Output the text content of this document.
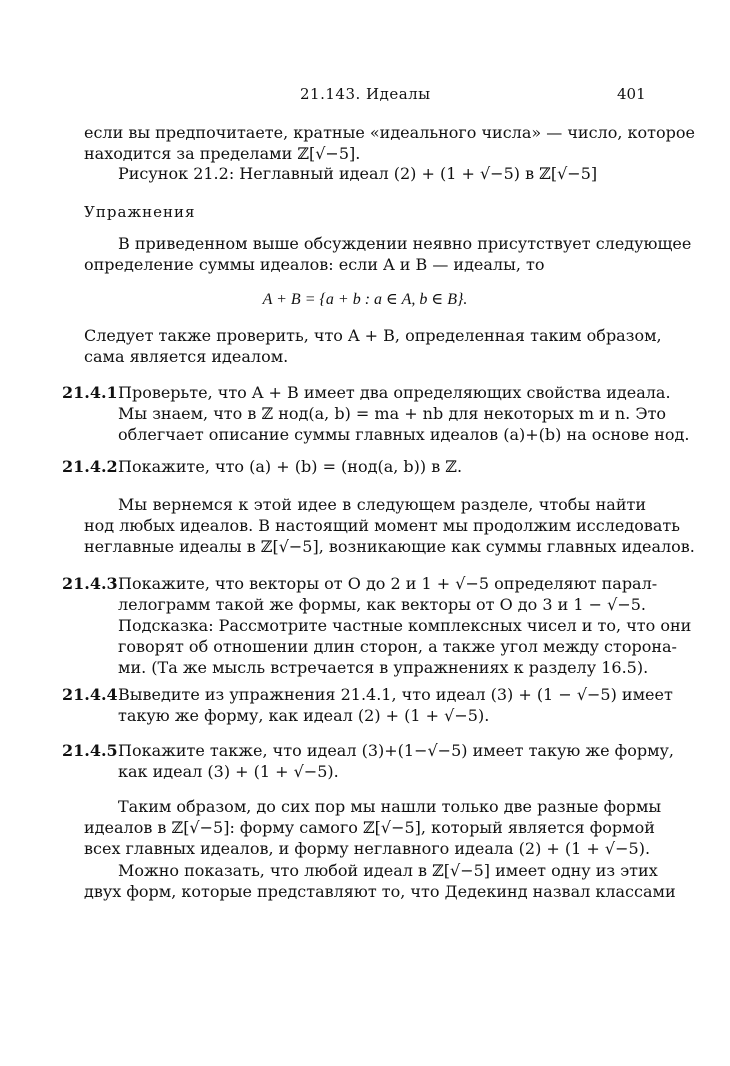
21.143. Идеалы	401
если вы предпочитаете, кратные «идеального числа» — число, которое
находится за пределами ℤ[√−5].
Рисунок 21.2: Неглавный идеал (2) + (1 + √−5) в ℤ[√−5]
Упражнения
В приведенном выше обсуждении неявно присутствует следующее
определение суммы идеалов: если A и B — идеалы, то
A + B = {a + b : a ∈ A, b ∈ B}.
Следует также проверить, что A + B, определенная таким образом,
сама является идеалом.
21.4.1 Проверьте, что A + B имеет два определяющих свойства идеала.
Мы знаем, что в ℤ нод(a, b) = ma + nb для некоторых m и n. Это
облегчает описание суммы главных идеалов (a)+(b) на основе нод.
21.4.2 Покажите, что (a) + (b) = (нод(a, b)) в ℤ.
Мы вернемся к этой идее в следующем разделе, чтобы найти
нод любых идеалов. В настоящий момент мы продолжим исследовать
неглавные идеалы в ℤ[√−5], возникающие как суммы главных идеалов.
21.4.3 Покажите, что векторы от O до 2 и 1 + √−5 определяют парал-
лелограмм такой же формы, как векторы от O до 3 и 1 − √−5.
Подсказка: Рассмотрите частные комплексных чисел и то, что они
говорят об отношении длин сторон, а также угол между сторона-
ми. (Та же мысль встречается в упражнениях к разделу 16.5).
21.4.4 Выведите из упражнения 21.4.1, что идеал (3) + (1 − √−5) имеет
такую же форму, как идеал (2) + (1 + √−5).
21.4.5 Покажите также, что идеал (3)+(1−√−5) имеет такую же форму,
как идеал (3) + (1 + √−5).
Таким образом, до сих пор мы нашли только две разные формы
идеалов в ℤ[√−5]: форму самого ℤ[√−5], который является формой
всех главных идеалов, и форму неглавного идеала (2) + (1 + √−5).
Можно показать, что любой идеал в ℤ[√−5] имеет одну из этих
двух форм, которые представляют то, что Дедекинд назвал классами
